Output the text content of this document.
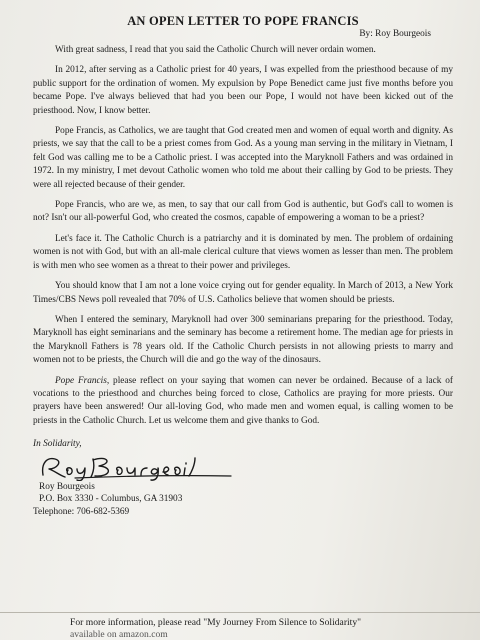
AN OPEN LETTER TO POPE FRANCIS
By: Roy Bourgeois

With great sadness, I read that you said the Catholic Church will never ordain women.

In 2012, after serving as a Catholic priest for 40 years, I was expelled from the priesthood because of my public support for the ordination of women. My expulsion by Pope Benedict came just five months before you became Pope. I've always believed that had you been our Pope, I would not have been kicked out of the priesthood. Now, I know better.

Pope Francis, as Catholics, we are taught that God created men and women of equal worth and dignity. As priests, we say that the call to be a priest comes from God. As a young man serving in the military in Vietnam, I felt God was calling me to be a Catholic priest. I was accepted into the Maryknoll Fathers and was ordained in 1972. In my ministry, I met devout Catholic women who told me about their calling by God to be priests. They were all rejected because of their gender.

Pope Francis, who are we, as men, to say that our call from God is authentic, but God's call to women is not? Isn't our all-powerful God, who created the cosmos, capable of empowering a woman to be a priest?

Let's face it. The Catholic Church is a patriarchy and it is dominated by men. The problem of ordaining women is not with God, but with an all-male clerical culture that views women as lesser than men. The problem is with men who see women as a threat to their power and privileges.

You should know that I am not a lone voice crying out for gender equality. In March of 2013, a New York Times/CBS News poll revealed that 70% of U.S. Catholics believe that women should be priests.

When I entered the seminary, Maryknoll had over 300 seminarians preparing for the priesthood. Today, Maryknoll has eight seminarians and the seminary has become a retirement home. The median age for priests in the Maryknoll Fathers is 78 years old. If the Catholic Church persists in not allowing priests to marry and women not to be priests, the Church will die and go the way of the dinosaurs.

Pope Francis, please reflect on your saying that women can never be ordained. Because of a lack of vocations to the priesthood and churches being forced to close, Catholics are praying for more priests. Our prayers have been answered! Our all-loving God, who made men and women equal, is calling women to be priests in the Catholic Church. Let us welcome them and give thanks to God.

In Solidarity,
Roy Bourgeois
P.O. Box 3330 - Columbus, GA 31903
Telephone: 706-682-5369
For more information, please read "My Journey From Silence to Solidarity"
available on amazon.com
